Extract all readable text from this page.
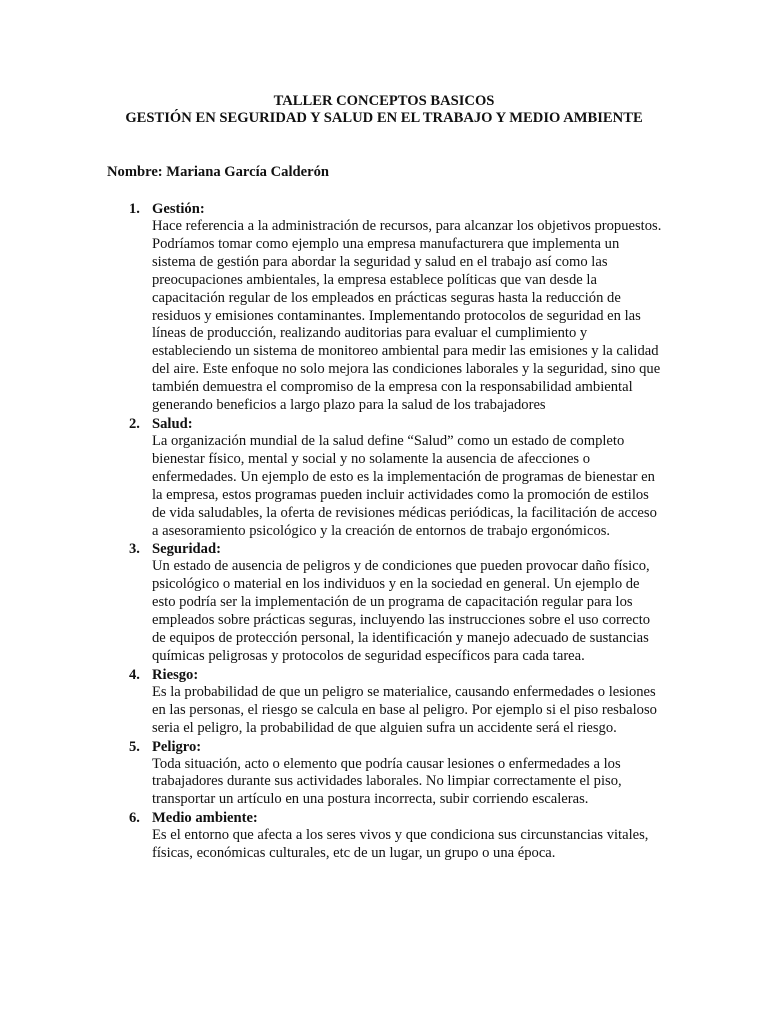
TALLER CONCEPTOS BASICOS
GESTIÓN EN SEGURIDAD Y SALUD EN EL TRABAJO Y MEDIO AMBIENTE
Nombre: Mariana García Calderón
1. Gestión:
Hace referencia a la administración de recursos, para alcanzar los objetivos propuestos. Podríamos tomar como ejemplo una empresa manufacturera que implementa un sistema de gestión para abordar la seguridad y salud en el trabajo así como las preocupaciones ambientales, la empresa establece políticas que van desde la capacitación regular de los empleados en prácticas seguras hasta la reducción de residuos y emisiones contaminantes. Implementando protocolos de seguridad en las líneas de producción, realizando auditorias para evaluar el cumplimiento y estableciendo un sistema de monitoreo ambiental para medir las emisiones y la calidad del aire. Este enfoque no solo mejora las condiciones laborales y la seguridad, sino que también demuestra el compromiso de la empresa con la responsabilidad ambiental generando beneficios a largo plazo para la salud de los trabajadores
2. Salud:
La organización mundial de la salud define “Salud” como un estado de completo bienestar físico, mental y social y no solamente la ausencia de afecciones o enfermedades. Un ejemplo de esto es la implementación de programas de bienestar en la empresa, estos programas pueden incluir actividades como la promoción de estilos de vida saludables, la oferta de revisiones médicas periódicas, la facilitación de acceso a asesoramiento psicológico y la creación de entornos de trabajo ergonómicos.
3. Seguridad:
Un estado de ausencia de peligros y de condiciones que pueden provocar daño físico, psicológico o material en los individuos y en la sociedad en general. Un ejemplo de esto podría ser la implementación de un programa de capacitación regular para los empleados sobre prácticas seguras, incluyendo las instrucciones sobre el uso correcto de equipos de protección personal, la identificación y manejo adecuado de sustancias químicas peligrosas y protocolos de seguridad específicos para cada tarea.
4. Riesgo:
Es la probabilidad de que un peligro se materialice, causando enfermedades o lesiones en las personas, el riesgo se calcula en base al peligro. Por ejemplo si el piso resbaloso seria el peligro, la probabilidad de que alguien sufra un accidente será el riesgo.
5. Peligro:
Toda situación, acto o elemento que podría causar lesiones o enfermedades a los trabajadores durante sus actividades laborales. No limpiar correctamente el piso, transportar un artículo en una postura incorrecta, subir corriendo escaleras.
6. Medio ambiente:
Es el entorno que afecta a los seres vivos y que condiciona sus circunstancias vitales, físicas, económicas culturales, etc de un lugar, un grupo o una época.
